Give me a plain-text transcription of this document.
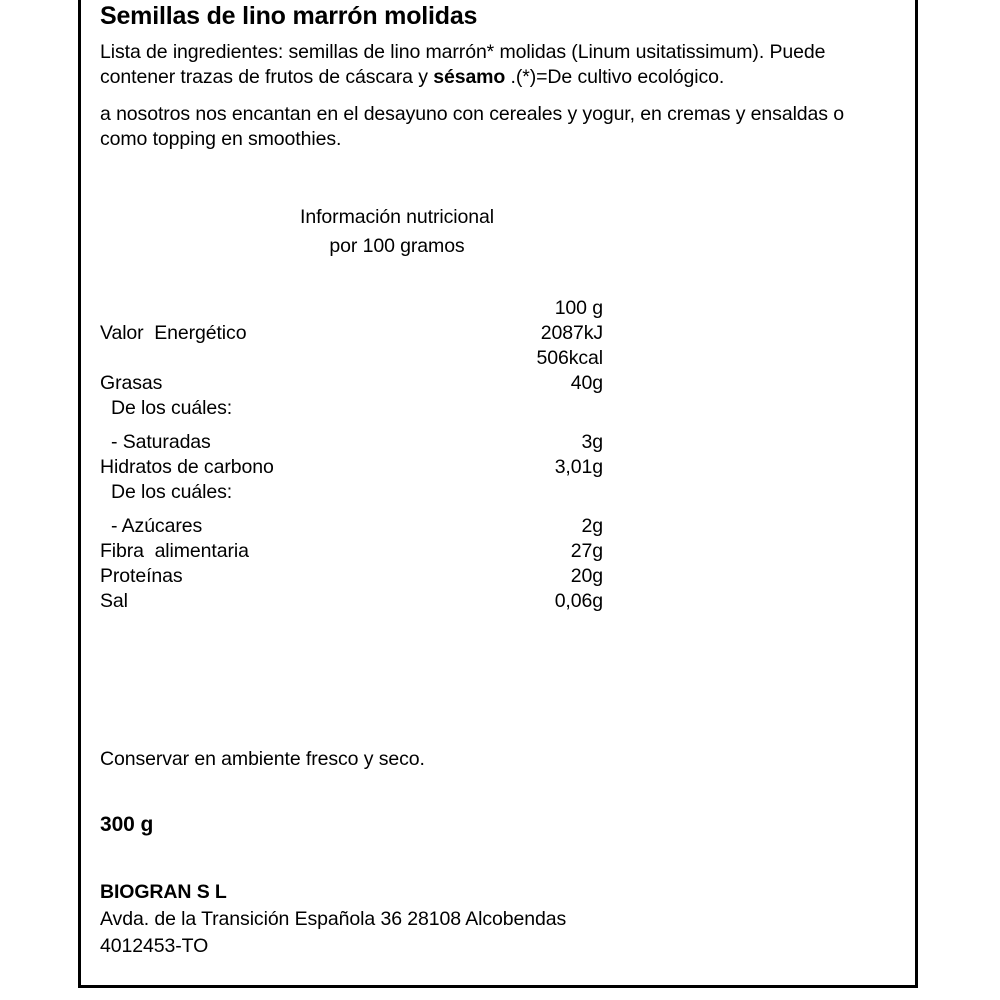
Semillas de lino marrón molidas

Lista de ingredientes: semillas de lino marrón* molidas (Linum usitatissimum). Puede contener trazas de frutos de cáscara y sésamo .(*)=De cultivo ecológico.

a nosotros nos encantan en el desayuno con cereales y yogur, en cremas y ensaldas o como topping en smoothies.

Información nutricional
por 100 gramos
	100 g
Valor  Energético	2087kJ
	506kcal
Grasas	40g
De los cuáles:	

- Saturadas	3g
Hidratos de carbono	3,01g
De los cuáles:	

- Azúcares	2g
Fibra  alimentaria	27g
Proteínas	20g
Sal	0,06g

Conservar en ambiente fresco y seco.

300 g

BIOGRAN S L

Avda. de la Transición Española 36 28108 Alcobendas

4012453-TO
